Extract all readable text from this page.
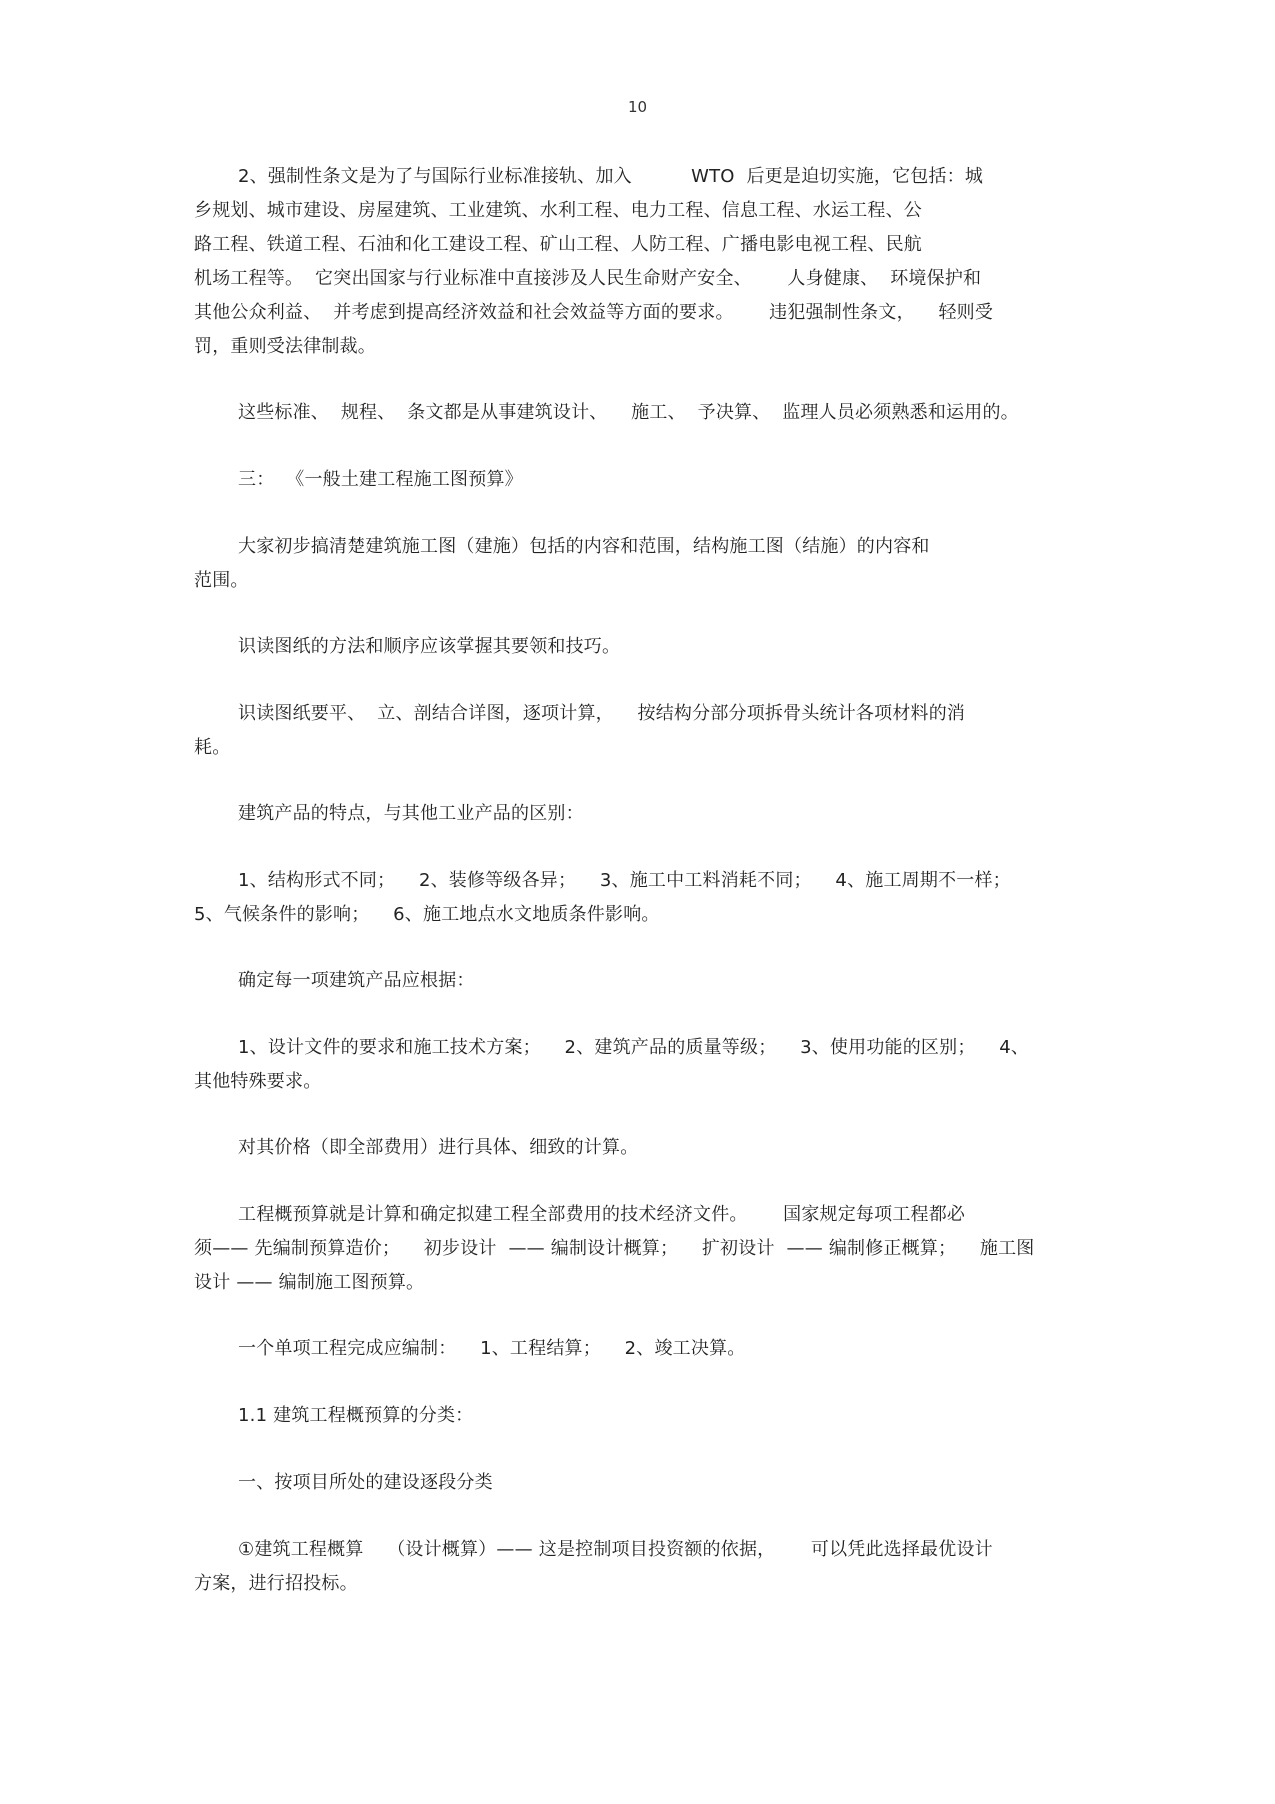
10
2、强制性条文是为了与国际行业标准接轨、加入          WTO  后更是迫切实施，它包括：城
乡规划、城市建设、房屋建筑、工业建筑、水利工程、电力工程、信息工程、水运工程、公
路工程、铁道工程、石油和化工建设工程、矿山工程、人防工程、广播电影电视工程、民航
机场工程等。  它突出国家与行业标准中直接涉及人民生命财产安全、      人身健康、  环境保护和
其他公众利益、  并考虑到提高经济效益和社会效益等方面的要求。      违犯强制性条文，    轻则受
罚，重则受法律制裁。
这些标准、  规程、  条文都是从事建筑设计、    施工、  予决算、  监理人员必须熟悉和运用的。
三：  《一般土建工程施工图预算》
大家初步搞清楚建筑施工图（建施）包括的内容和范围，结构施工图（结施）的内容和
范围。
识读图纸的方法和顺序应该掌握其要领和技巧。
识读图纸要平、  立、剖结合详图，逐项计算，    按结构分部分项拆骨头统计各项材料的消
耗。
建筑产品的特点，与其他工业产品的区别：
1、结构形式不同；    2、装修等级各异；    3、施工中工料消耗不同；    4、施工周期不一样；
5、气候条件的影响；    6、施工地点水文地质条件影响。
确定每一项建筑产品应根据：
1、设计文件的要求和施工技术方案；    2、建筑产品的质量等级；    3、使用功能的区别；    4、
其他特殊要求。
对其价格（即全部费用）进行具体、细致的计算。
工程概预算就是计算和确定拟建工程全部费用的技术经济文件。      国家规定每项工程都必
须—— 先编制预算造价；    初步设计  —— 编制设计概算；    扩初设计  —— 编制修正概算；    施工图
设计 —— 编制施工图预算。
一个单项工程完成应编制：    1、工程结算；    2、竣工决算。
1.1 建筑工程概预算的分类：
一、按项目所处的建设逐段分类
①建筑工程概算    （设计概算）—— 这是控制项目投资额的依据，      可以凭此选择最优设计
方案，进行招投标。
